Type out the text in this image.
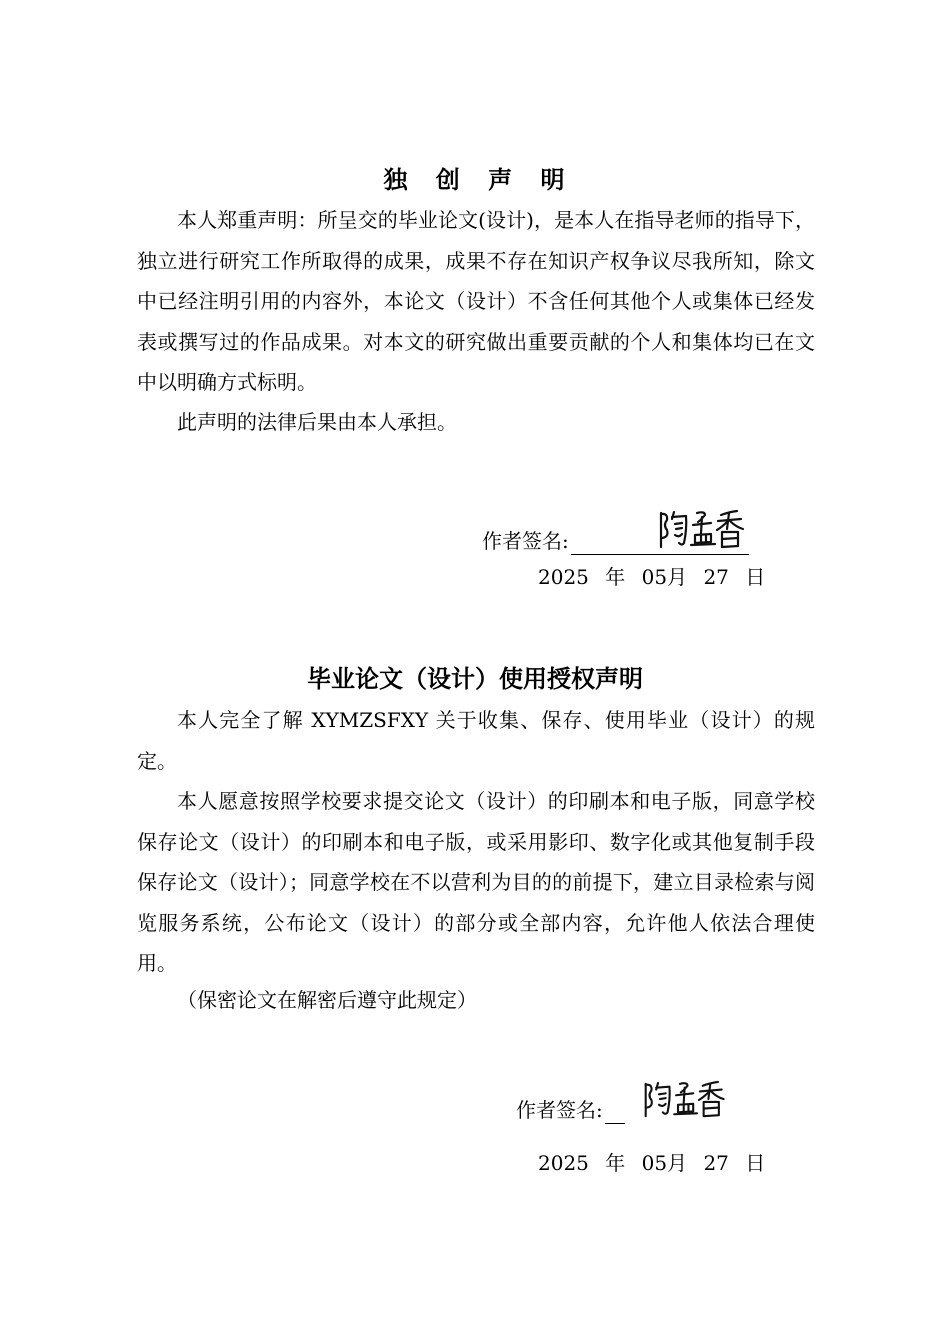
独 创 声 明

本人郑重声明：所呈交的毕业论文(设计)，是本人在指导老师的指导下，独立进行研究工作所取得的成果，成果不存在知识产权争议尽我所知，除文中已经注明引用的内容外，本论文（设计）不含任何其他个人或集体已经发表或撰写过的作品成果。对本文的研究做出重要贡献的个人和集体均已在文中以明确方式标明。

此声明的法律后果由本人承担。

作者签名:
2025 年 05月 27 日
毕业论文（设计）使用授权声明

本人完全了解 XYMZSFXY 关于收集、保存、使用毕业（设计）的规定。

本人愿意按照学校要求提交论文（设计）的印刷本和电子版，同意学校保存论文（设计）的印刷本和电子版，或采用影印、数字化或其他复制手段保存论文（设计）；同意学校在不以营利为目的的前提下，建立目录检索与阅览服务系统，公布论文（设计）的部分或全部内容，允许他人依法合理使用。

（保密论文在解密后遵守此规定）

作者签名:
2025 年 05月 27 日
